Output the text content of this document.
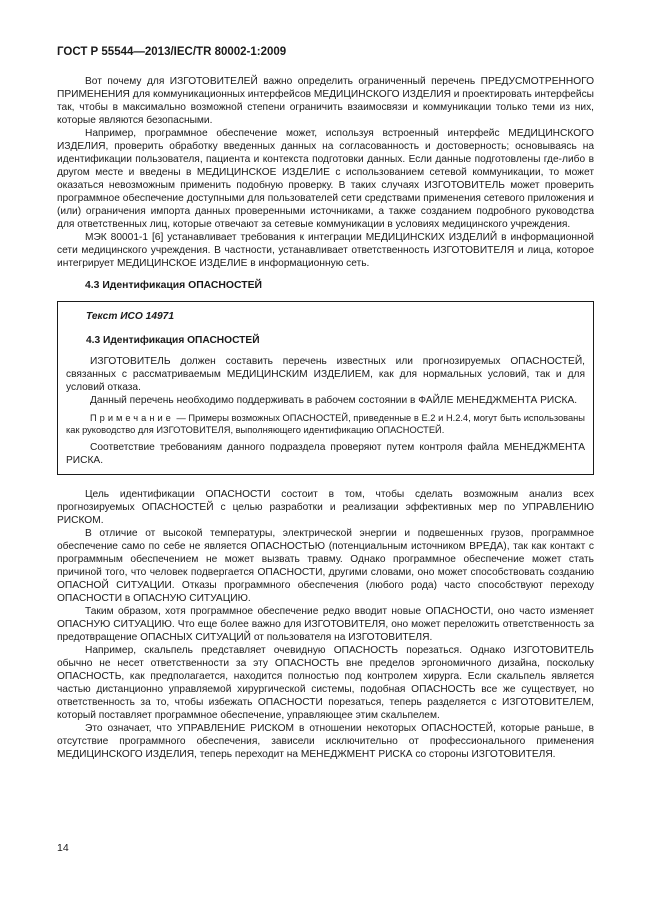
ГОСТ Р 55544—2013/IEC/TR 80002-1:2009

Вот почему для ИЗГОТОВИТЕЛЕЙ важно определить ограниченный перечень ПРЕДУСМОТРЕННОГО ПРИМЕНЕНИЯ для коммуникационных интерфейсов МЕДИЦИНСКОГО ИЗДЕЛИЯ и проектировать интерфейсы так, чтобы в максимально возможной степени ограничить взаимосвязи и коммуникации только теми из них, которые являются безопасными.

Например, программное обеспечение может, используя встроенный интерфейс МЕДИЦИНСКОГО ИЗДЕЛИЯ, проверить обработку введенных данных на согласованность и достоверность; основываясь на идентификации пользователя, пациента и контекста подготовки данных. Если данные подготовлены где-либо в другом месте и введены в МЕДИЦИНСКОЕ ИЗДЕЛИЕ с использованием сетевой коммуникации, то может оказаться невозможным применить подобную проверку. В таких случаях ИЗГОТОВИТЕЛЬ может проверить программное обеспечение доступными для пользователей сети средствами применения сетевого приложения и (или) ограничения импорта данных проверенными источниками, а также созданием подробного руководства для ответственных лиц, которые отвечают за сетевые коммуникации в условиях медицинского учреждения.

МЭК 80001-1 [6] устанавливает требования к интеграции МЕДИЦИНСКИХ ИЗДЕЛИЙ в информационной сети медицинского учреждения. В частности, устанавливает ответственность ИЗГОТОВИТЕЛЯ и лица, которое интегрирует МЕДИЦИНСКОЕ ИЗДЕЛИЕ в информационную сеть.

4.3 Идентификация ОПАСНОСТЕЙ
Текст ИСО 14971
4.3 Идентификация ОПАСНОСТЕЙ

ИЗГОТОВИТЕЛЬ должен составить перечень известных или прогнозируемых ОПАСНОСТЕЙ, связанных с рассматриваемым МЕДИЦИНСКИМ ИЗДЕЛИЕМ, как для нормальных условий, так и для условий отказа.

Данный перечень необходимо поддерживать в рабочем состоянии в ФАЙЛЕ МЕНЕДЖМЕНТА РИСКА.

Примечание — Примеры возможных ОПАСНОСТЕЙ, приведенные в Е.2 и Н.2.4, могут быть использованы как руководство для ИЗГОТОВИТЕЛЯ, выполняющего идентификацию ОПАСНОСТЕЙ.

Соответствие требованиям данного подраздела проверяют путем контроля файла МЕНЕДЖМЕНТА РИСКА.

Цель идентификации ОПАСНОСТИ состоит в том, чтобы сделать возможным анализ всех прогнозируемых ОПАСНОСТЕЙ с целью разработки и реализации эффективных мер по УПРАВЛЕНИЮ РИСКОМ.

В отличие от высокой температуры, электрической энергии и подвешенных грузов, программное обеспечение само по себе не является ОПАСНОСТЬЮ (потенциальным источником ВРЕДА), так как контакт с программным обеспечением не может вызвать травму. Однако программное обеспечение может стать причиной того, что человек подвергается ОПАСНОСТИ, другими словами, оно может способствовать созданию ОПАСНОЙ СИТУАЦИИ. Отказы программного обеспечения (любого рода) часто способствуют переходу ОПАСНОСТИ в ОПАСНУЮ СИТУАЦИЮ.

Таким образом, хотя программное обеспечение редко вводит новые ОПАСНОСТИ, оно часто изменяет ОПАСНУЮ СИТУАЦИЮ. Что еще более важно для ИЗГОТОВИТЕЛЯ, оно может переложить ответственность за предотвращение ОПАСНЫХ СИТУАЦИЙ от пользователя на ИЗГОТОВИТЕЛЯ.

Например, скальпель представляет очевидную ОПАСНОСТЬ порезаться. Однако ИЗГОТОВИТЕЛЬ обычно не несет ответственности за эту ОПАСНОСТЬ вне пределов эргономичного дизайна, поскольку ОПАСНОСТЬ, как предполагается, находится полностью под контролем хирурга. Если скальпель является частью дистанционно управляемой хирургической системы, подобная ОПАСНОСТЬ все же существует, но ответственность за то, чтобы избежать ОПАСНОСТИ порезаться, теперь разделяется с ИЗГОТОВИТЕЛЕМ, который поставляет программное обеспечение, управляющее этим скальпелем.

Это означает, что УПРАВЛЕНИЕ РИСКОМ в отношении некоторых ОПАСНОСТЕЙ, которые раньше, в отсутствие программного обеспечения, зависели исключительно от профессионального применения МЕДИЦИНСКОГО ИЗДЕЛИЯ, теперь переходит на МЕНЕДЖМЕНТ РИСКА со стороны ИЗГОТОВИТЕЛЯ.

14
